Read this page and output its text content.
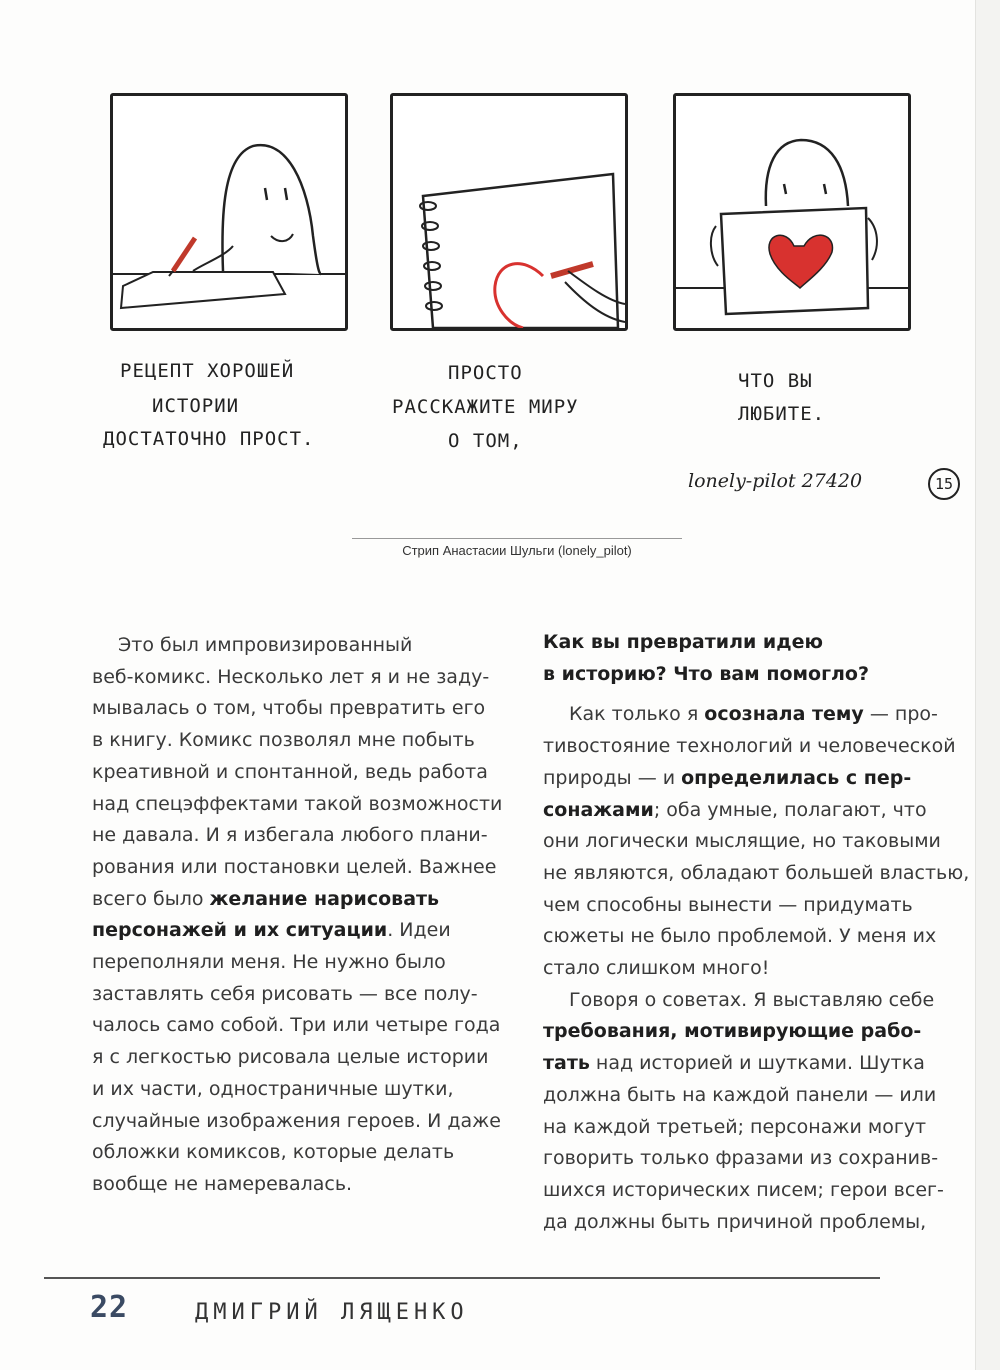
РЕЦЕПТ ХОРОШЕЙ
ИСТОРИИ
ДОСТАТОЧНО ПРОСТ.
ПРОСТО
РАССКАЖИТЕ МИРУ
О ТОМ,
ЧТО ВЫ
ЛЮБИТЕ.
lonely-pilot 27420	15
Стрип Анастасии Шульги (lonely_pilot)

Это был импровизированный

веб-комикс. Несколько лет я и не заду-

мывалась о том, чтобы превратить его

в книгу. Комикс позволял мне побыть

креативной и спонтанной, ведь работа

над спецэффектами такой возможности

не давала. И я избегала любого плани-

рования или постановки целей. Важнее

всего было желание нарисовать

персонажей и их ситуации. Идеи

переполняли меня. Не нужно было

заставлять себя рисовать — все полу-

чалось само собой. Три или четыре года

я с легкостью рисовала целые истории

и их части, одностраничные шутки,

случайные изображения героев. И даже

обложки комиксов, которые делать

вообще не намеревалась.

Как вы превратили идею

в историю? Что вам помогло?

Как только я осознала тему — про-

тивостояние технологий и человеческой

природы — и определилась с пер-

сонажами; оба умные, полагают, что

они логически мыслящие, но таковыми

не являются, обладают большей властью,

чем способны вынести — придумать

сюжеты не было проблемой. У меня их

стало слишком много!

Говоря о советах. Я выставляю себе

требования, мотивирующие рабо-

тать над историей и шутками. Шутка

должна быть на каждой панели — или

на каждой третьей; персонажи могут

говорить только фразами из сохранив-

шихся исторических писем; герои всег-

да должны быть причиной проблемы,

22	ДМИГРИЙ ЛЯЩЕНКО
